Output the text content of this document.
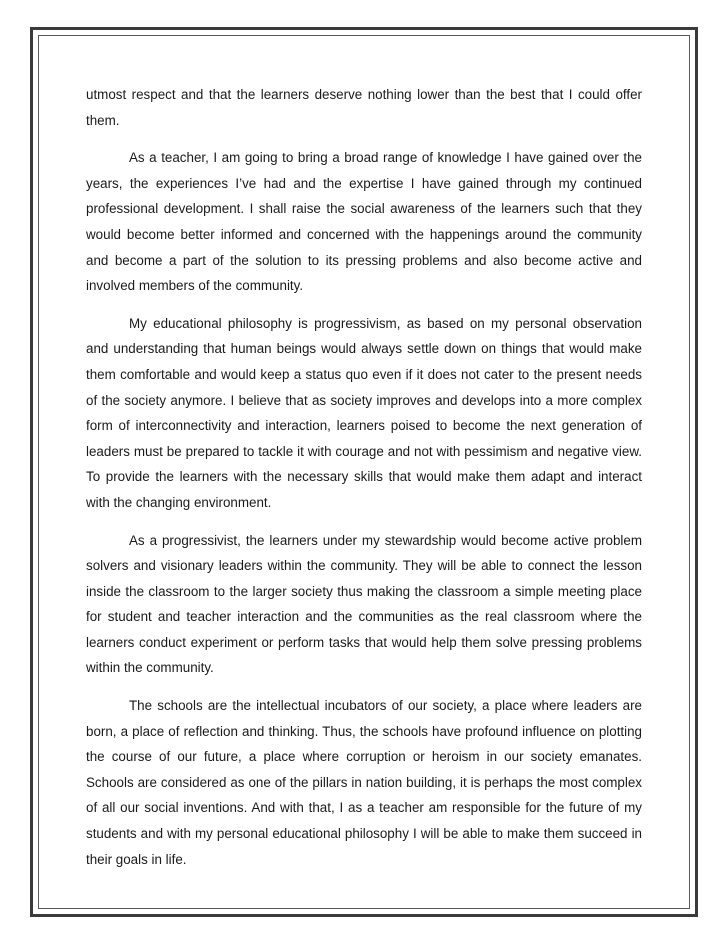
utmost respect and that the learners deserve nothing lower than the best that I could offer them.

As a teacher, I am going to bring a broad range of knowledge I have gained over the years, the experiences I’ve had and the expertise I have gained through my continued professional development. I shall raise the social awareness of the learners such that they would become better informed and concerned with the happenings around the community and become a part of the solution to its pressing problems and also become active and involved members of the community.

My educational philosophy is progressivism, as based on my personal observation and understanding that human beings would always settle down on things that would make them comfortable and would keep a status quo even if it does not cater to the present needs of the society anymore. I believe that as society improves and develops into a more complex form of interconnectivity and interaction, learners poised to become the next generation of leaders must be prepared to tackle it with courage and not with pessimism and negative view. To provide the learners with the necessary skills that would make them adapt and interact with the changing environment.

As a progressivist, the learners under my stewardship would become active problem solvers and visionary leaders within the community. They will be able to connect the lesson inside the classroom to the larger society thus making the classroom a simple meeting place for student and teacher interaction and the communities as the real classroom where the learners conduct experiment or perform tasks that would help them solve pressing problems within the community.

The schools are the intellectual incubators of our society, a place where leaders are born, a place of reflection and thinking. Thus, the schools have profound influence on plotting the course of our future, a place where corruption or heroism in our society emanates. Schools are considered as one of the pillars in nation building, it is perhaps the most complex of all our social inventions. And with that, I as a teacher am responsible for the future of my students and with my personal educational philosophy I will be able to make them succeed in their goals in life.
